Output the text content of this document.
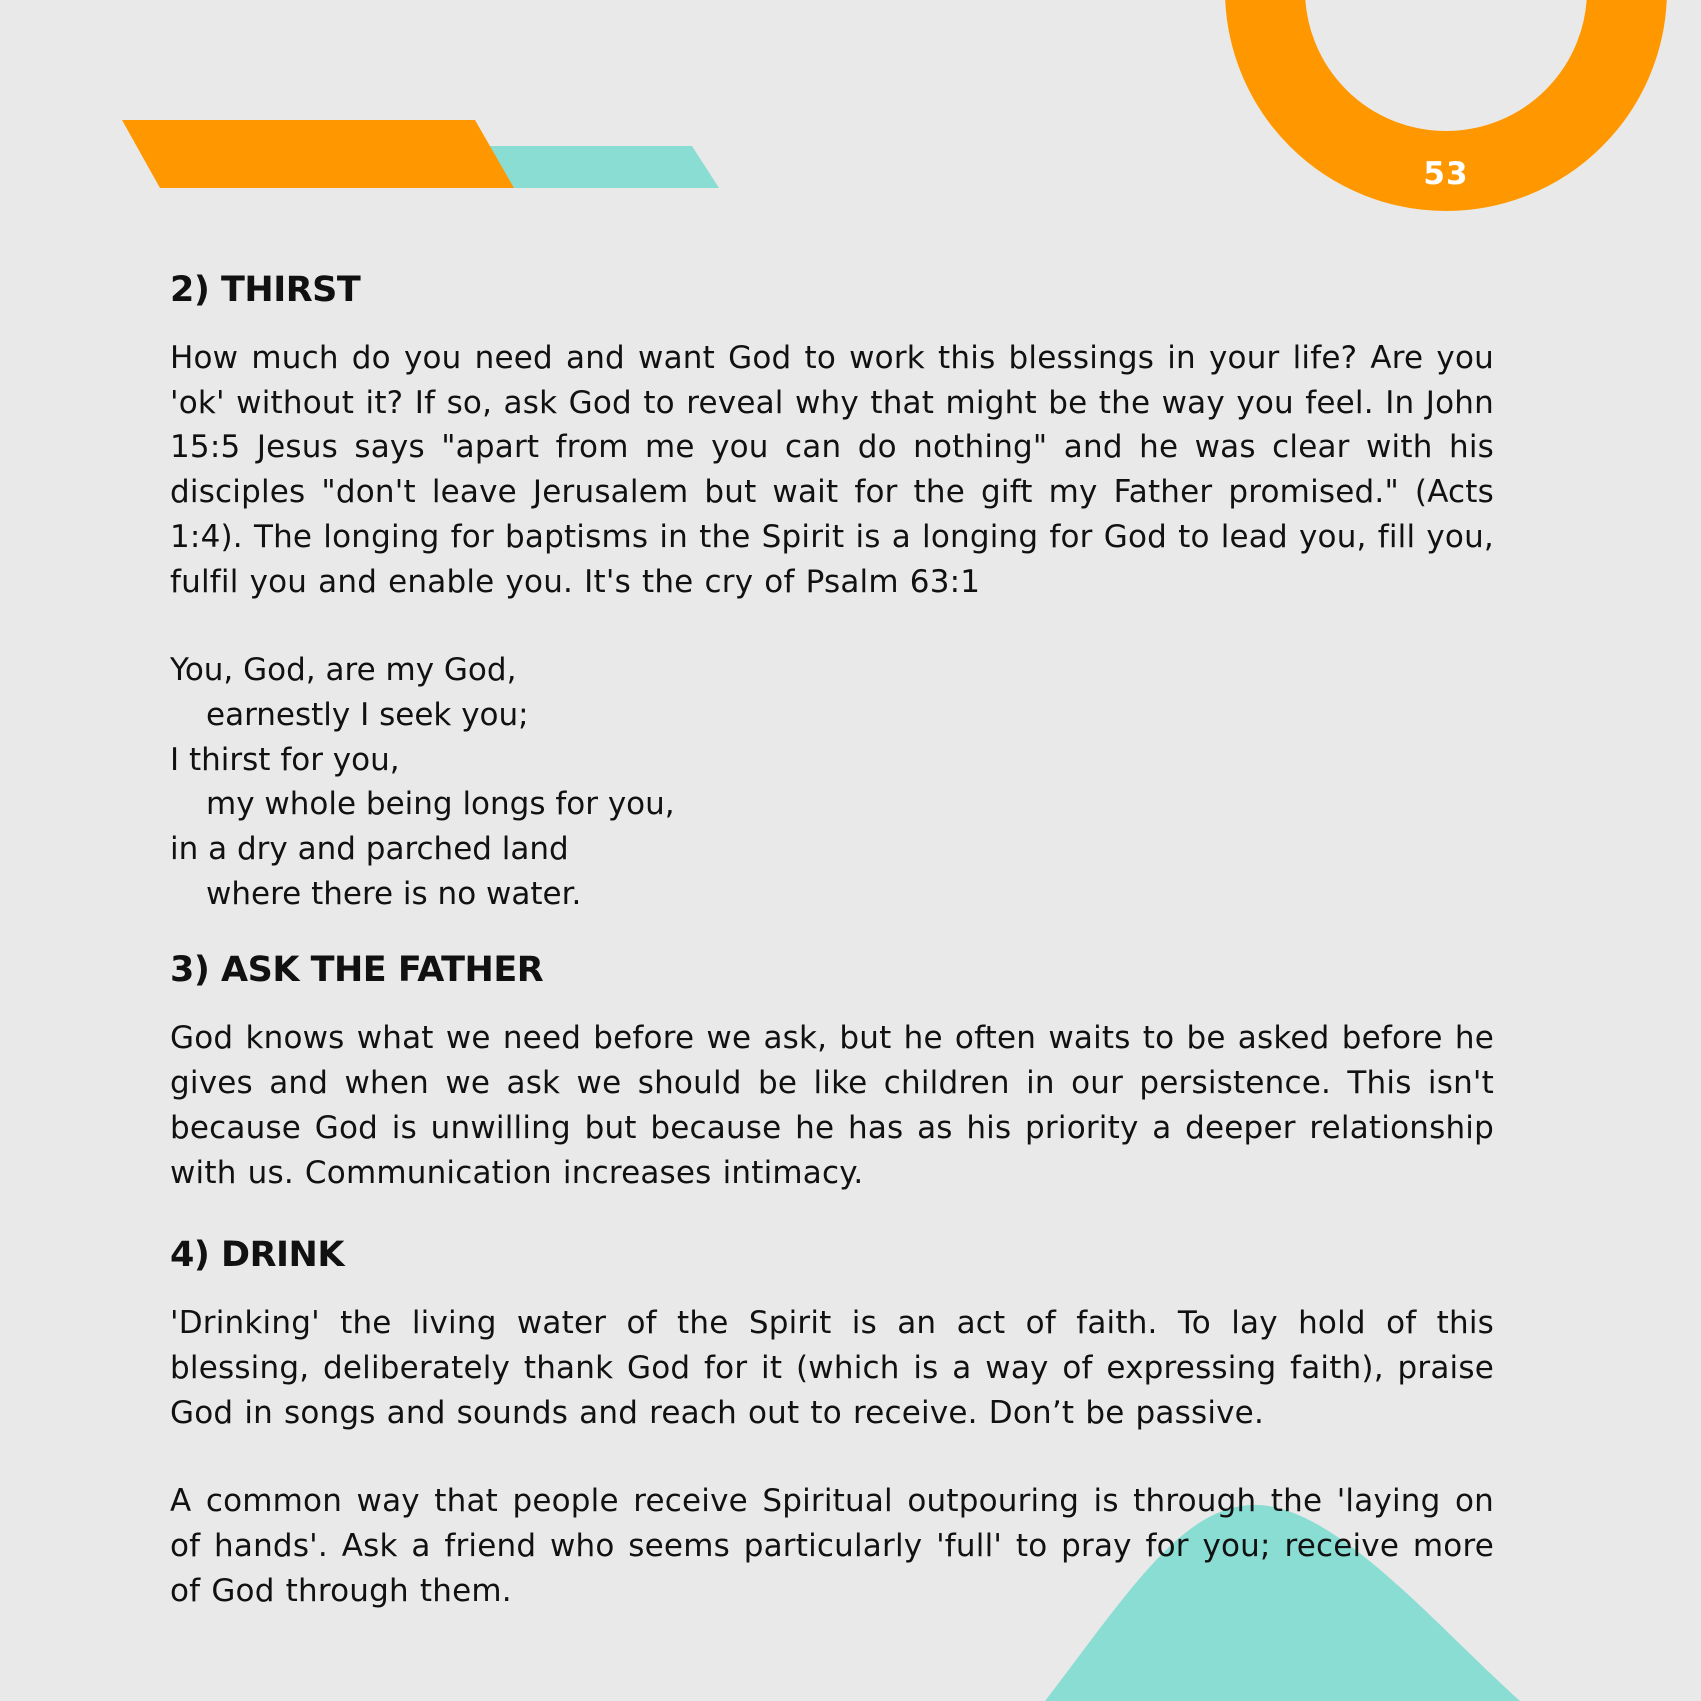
53
2) THIRST

How much do you need and want God to work this blessings in your life? Are you 'ok' without it? If so, ask God to reveal why that might be the way you feel. In John 15:5 Jesus says "apart from me you can do nothing" and he was clear with his disciples "don't leave Jerusalem but wait for the gift my Father promised." (Acts 1:4). The longing for baptisms in the Spirit is a longing for God to lead you, fill you, fulfil you and enable you. It's the cry of Psalm 63:1

You, God, are my God,

earnestly I seek you;

I thirst for you,

my whole being longs for you,

in a dry and parched land

where there is no water.

3) ASK THE FATHER

God knows what we need before we ask, but he often waits to be asked before he gives and when we ask we should be like children in our persistence. This isn't because God is unwilling but because he has as his priority a deeper relationship with us. Communication increases intimacy.

4) DRINK

'Drinking' the living water of the Spirit is an act of faith. To lay hold of this blessing, deliberately thank God for it (which is a way of expressing faith), praise God in songs and sounds and reach out to receive. Don’t be passive.

A common way that people receive Spiritual outpouring is through the 'laying on of hands'. Ask a friend who seems particularly 'full' to pray for you; receive more of God through them.
